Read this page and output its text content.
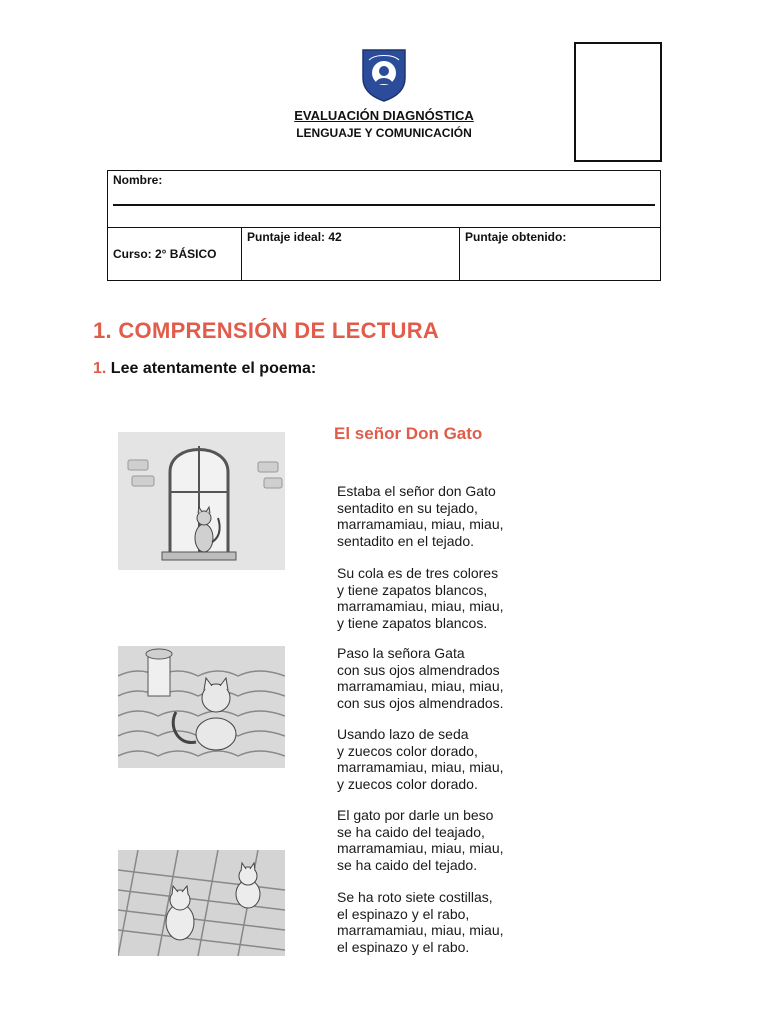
EVALUACIÓN DIAGNÓSTICA
LENGUAJE Y COMUNICACIÓN
Nombre:

Curso: 2° BÁSICO	Puntaje ideal: 42	Puntaje obtenido:
1. COMPRENSIÓN DE LECTURA
1. Lee atentamente el poema:
El señor Don Gato
Estaba el señor don Gato
sentadito en su tejado,
marramamiau, miau, miau,
sentadito en el tejado.
Su cola es de tres colores
y tiene zapatos blancos,
marramamiau, miau, miau,
y tiene zapatos blancos.
Paso la señora Gata
con sus ojos almendrados
marramamiau, miau, miau,
con sus ojos almendrados.
Usando lazo de seda
y zuecos color dorado,
marramamiau, miau, miau,
y zuecos color dorado.
El gato por darle un beso
se ha caido del teajado,
marramamiau, miau, miau,
se ha caido del tejado.
Se ha roto siete costillas,
el espinazo y el rabo,
marramamiau, miau, miau,
el espinazo y el rabo.
